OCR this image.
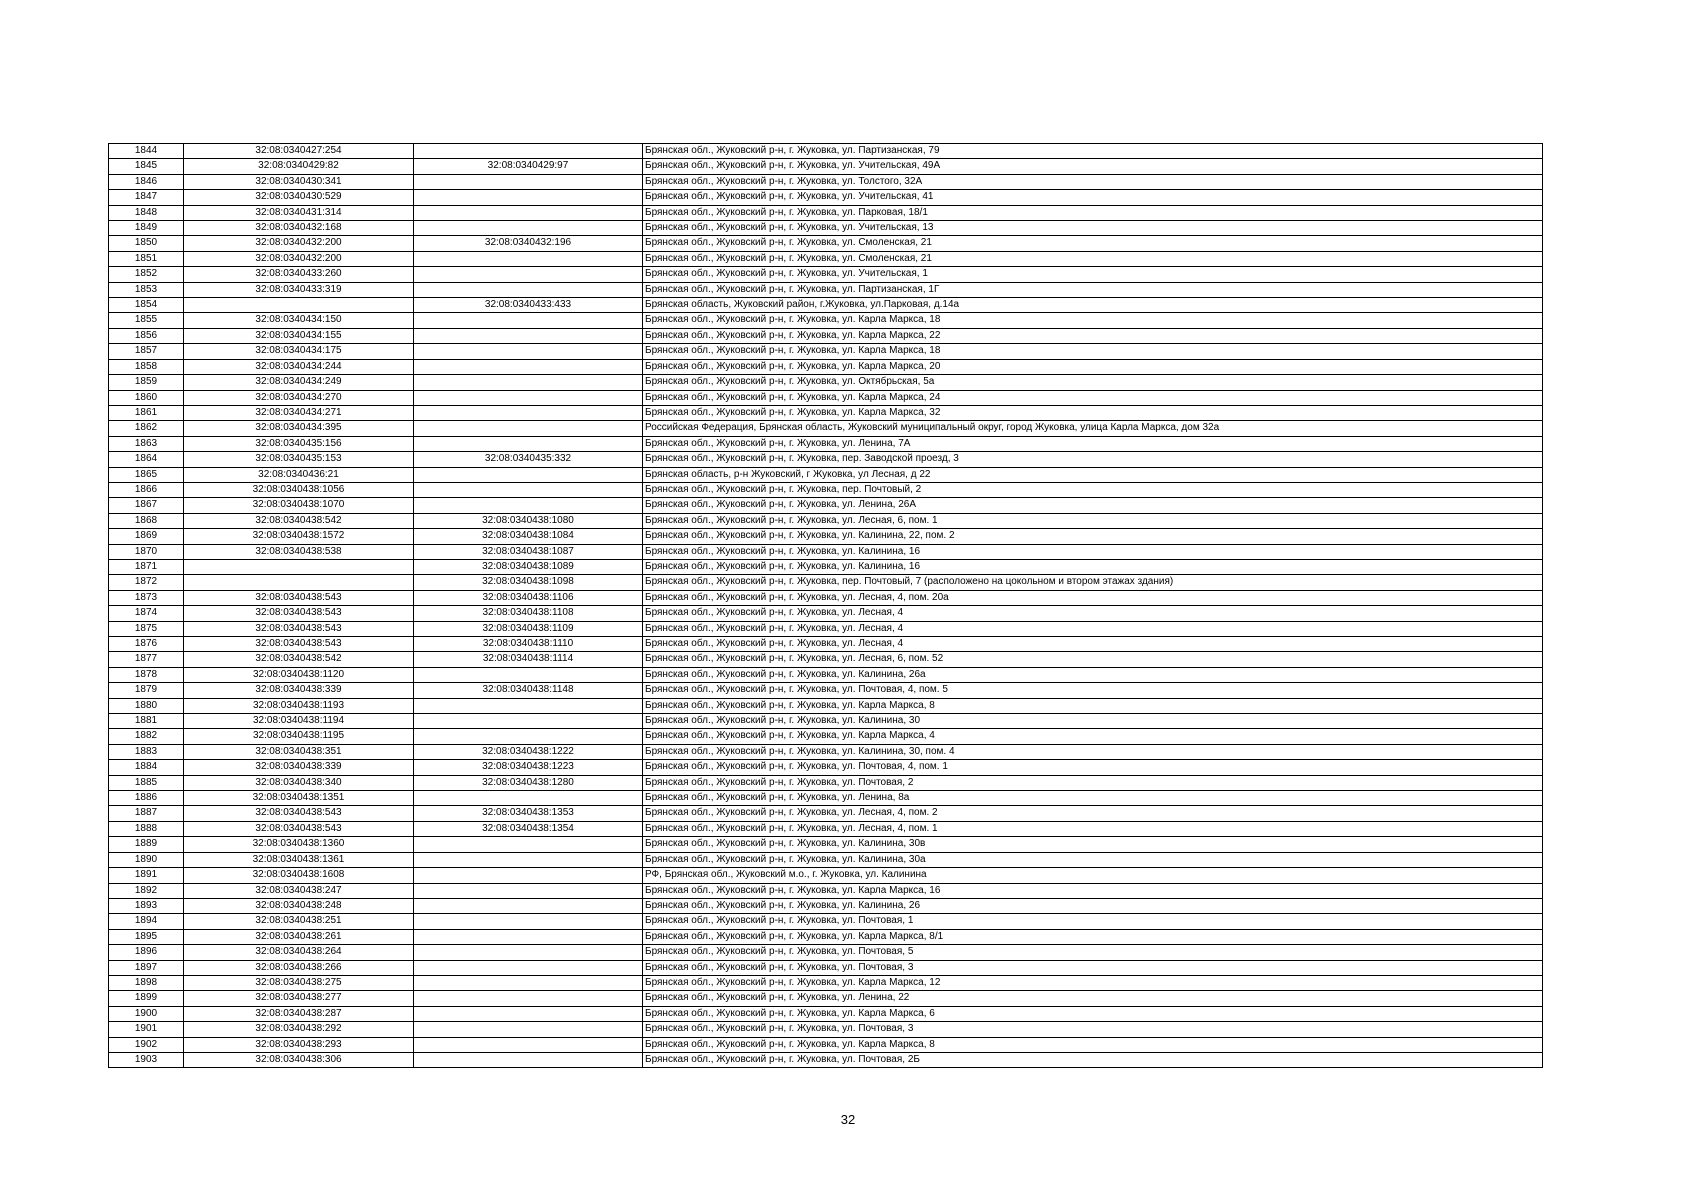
1844	32:08:0340427:254		Брянская обл., Жуковский р-н, г. Жуковка, ул. Партизанская, 79
1845	32:08:0340429:82	32:08:0340429:97	Брянская обл., Жуковский р-н, г. Жуковка, ул. Учительская, 49А
1846	32:08:0340430:341		Брянская обл., Жуковский р-н, г. Жуковка, ул. Толстого, 32А
1847	32:08:0340430:529		Брянская обл., Жуковский р-н, г. Жуковка, ул. Учительская, 41
1848	32:08:0340431:314		Брянская обл., Жуковский р-н, г. Жуковка, ул. Парковая, 18/1
1849	32:08:0340432:168		Брянская обл., Жуковский р-н, г. Жуковка, ул. Учительская, 13
1850	32:08:0340432:200	32:08:0340432:196	Брянская обл., Жуковский р-н, г. Жуковка, ул. Смоленская, 21
1851	32:08:0340432:200		Брянская обл., Жуковский р-н, г. Жуковка, ул. Смоленская, 21
1852	32:08:0340433:260		Брянская обл., Жуковский р-н, г. Жуковка, ул. Учительская, 1
1853	32:08:0340433:319		Брянская обл., Жуковский р-н, г. Жуковка, ул. Партизанская, 1Г
1854		32:08:0340433:433	Брянская область, Жуковский район, г.Жуковка, ул.Парковая, д.14а
1855	32:08:0340434:150		Брянская обл., Жуковский р-н, г. Жуковка, ул. Карла Маркса, 18
1856	32:08:0340434:155		Брянская обл., Жуковский р-н, г. Жуковка, ул. Карла Маркса, 22
1857	32:08:0340434:175		Брянская обл., Жуковский р-н, г. Жуковка, ул. Карла Маркса, 18
1858	32:08:0340434:244		Брянская обл., Жуковский р-н, г. Жуковка, ул. Карла Маркса, 20
1859	32:08:0340434:249		Брянская обл., Жуковский р-н, г. Жуковка, ул. Октябрьская, 5а
1860	32:08:0340434:270		Брянская обл., Жуковский р-н, г. Жуковка, ул. Карла Маркса, 24
1861	32:08:0340434:271		Брянская обл., Жуковский р-н, г. Жуковка, ул. Карла Маркса, 32
1862	32:08:0340434:395		Российская Федерация, Брянская область, Жуковский муниципальный округ, город Жуковка, улица Карла Маркса, дом 32а
1863	32:08:0340435:156		Брянская обл., Жуковский р-н, г. Жуковка, ул. Ленина, 7А
1864	32:08:0340435:153	32:08:0340435:332	Брянская обл., Жуковский р-н, г. Жуковка, пер. Заводской проезд, 3
1865	32:08:0340436:21		Брянская область, р-н Жуковский, г Жуковка, ул Лесная, д 22
1866	32:08:0340438:1056		Брянская обл., Жуковский р-н, г. Жуковка, пер. Почтовый, 2
1867	32:08:0340438:1070		Брянская обл., Жуковский р-н, г. Жуковка, ул. Ленина, 26А
1868	32:08:0340438:542	32:08:0340438:1080	Брянская обл., Жуковский р-н, г. Жуковка, ул. Лесная, 6, пом. 1
1869	32:08:0340438:1572	32:08:0340438:1084	Брянская обл., Жуковский р-н, г. Жуковка, ул. Калинина, 22, пом. 2
1870	32:08:0340438:538	32:08:0340438:1087	Брянская обл., Жуковский р-н, г. Жуковка, ул. Калинина, 16
1871		32:08:0340438:1089	Брянская обл., Жуковский р-н, г. Жуковка, ул. Калинина, 16
1872		32:08:0340438:1098	Брянская обл., Жуковский р-н, г. Жуковка, пер. Почтовый, 7 (расположено на цокольном и втором этажах здания)
1873	32:08:0340438:543	32:08:0340438:1106	Брянская обл., Жуковский р-н, г. Жуковка, ул. Лесная, 4, пом. 20а
1874	32:08:0340438:543	32:08:0340438:1108	Брянская обл., Жуковский р-н, г. Жуковка, ул. Лесная, 4
1875	32:08:0340438:543	32:08:0340438:1109	Брянская обл., Жуковский р-н, г. Жуковка, ул. Лесная, 4
1876	32:08:0340438:543	32:08:0340438:1110	Брянская обл., Жуковский р-н, г. Жуковка, ул. Лесная, 4
1877	32:08:0340438:542	32:08:0340438:1114	Брянская обл., Жуковский р-н, г. Жуковка, ул. Лесная, 6, пом. 52
1878	32:08:0340438:1120		Брянская обл., Жуковский р-н, г. Жуковка, ул. Калинина, 26а
1879	32:08:0340438:339	32:08:0340438:1148	Брянская обл., Жуковский р-н, г. Жуковка, ул. Почтовая, 4, пом. 5
1880	32:08:0340438:1193		Брянская обл., Жуковский р-н, г. Жуковка, ул. Карла Маркса, 8
1881	32:08:0340438:1194		Брянская обл., Жуковский р-н, г. Жуковка, ул. Калинина, 30
1882	32:08:0340438:1195		Брянская обл., Жуковский р-н, г. Жуковка, ул. Карла Маркса, 4
1883	32:08:0340438:351	32:08:0340438:1222	Брянская обл., Жуковский р-н, г. Жуковка, ул. Калинина, 30, пом. 4
1884	32:08:0340438:339	32:08:0340438:1223	Брянская обл., Жуковский р-н, г. Жуковка, ул. Почтовая, 4, пом. 1
1885	32:08:0340438:340	32:08:0340438:1280	Брянская обл., Жуковский р-н, г. Жуковка, ул. Почтовая, 2
1886	32:08:0340438:1351		Брянская обл., Жуковский р-н, г. Жуковка, ул. Ленина, 8а
1887	32:08:0340438:543	32:08:0340438:1353	Брянская обл., Жуковский р-н, г. Жуковка, ул. Лесная, 4, пом. 2
1888	32:08:0340438:543	32:08:0340438:1354	Брянская обл., Жуковский р-н, г. Жуковка, ул. Лесная, 4, пом. 1
1889	32:08:0340438:1360		Брянская обл., Жуковский р-н, г. Жуковка, ул. Калинина, 30в
1890	32:08:0340438:1361		Брянская обл., Жуковский р-н, г. Жуковка, ул. Калинина, 30а
1891	32:08:0340438:1608		РФ, Брянская обл., Жуковский м.о., г. Жуковка, ул. Калинина
1892	32:08:0340438:247		Брянская обл., Жуковский р-н, г. Жуковка, ул. Карла Маркса, 16
1893	32:08:0340438:248		Брянская обл., Жуковский р-н, г. Жуковка, ул. Калинина, 26
1894	32:08:0340438:251		Брянская обл., Жуковский р-н, г. Жуковка, ул. Почтовая, 1
1895	32:08:0340438:261		Брянская обл., Жуковский р-н, г. Жуковка, ул. Карла Маркса, 8/1
1896	32:08:0340438:264		Брянская обл., Жуковский р-н, г. Жуковка, ул. Почтовая, 5
1897	32:08:0340438:266		Брянская обл., Жуковский р-н, г. Жуковка, ул. Почтовая, 3
1898	32:08:0340438:275		Брянская обл., Жуковский р-н, г. Жуковка, ул. Карла Маркса, 12
1899	32:08:0340438:277		Брянская обл., Жуковский р-н, г. Жуковка, ул. Ленина, 22
1900	32:08:0340438:287		Брянская обл., Жуковский р-н, г. Жуковка, ул. Карла Маркса, 6
1901	32:08:0340438:292		Брянская обл., Жуковский р-н, г. Жуковка, ул. Почтовая, 3
1902	32:08:0340438:293		Брянская обл., Жуковский р-н, г. Жуковка, ул. Карла Маркса, 8
1903	32:08:0340438:306		Брянская обл., Жуковский р-н, г. Жуковка, ул. Почтовая, 2Б
32
